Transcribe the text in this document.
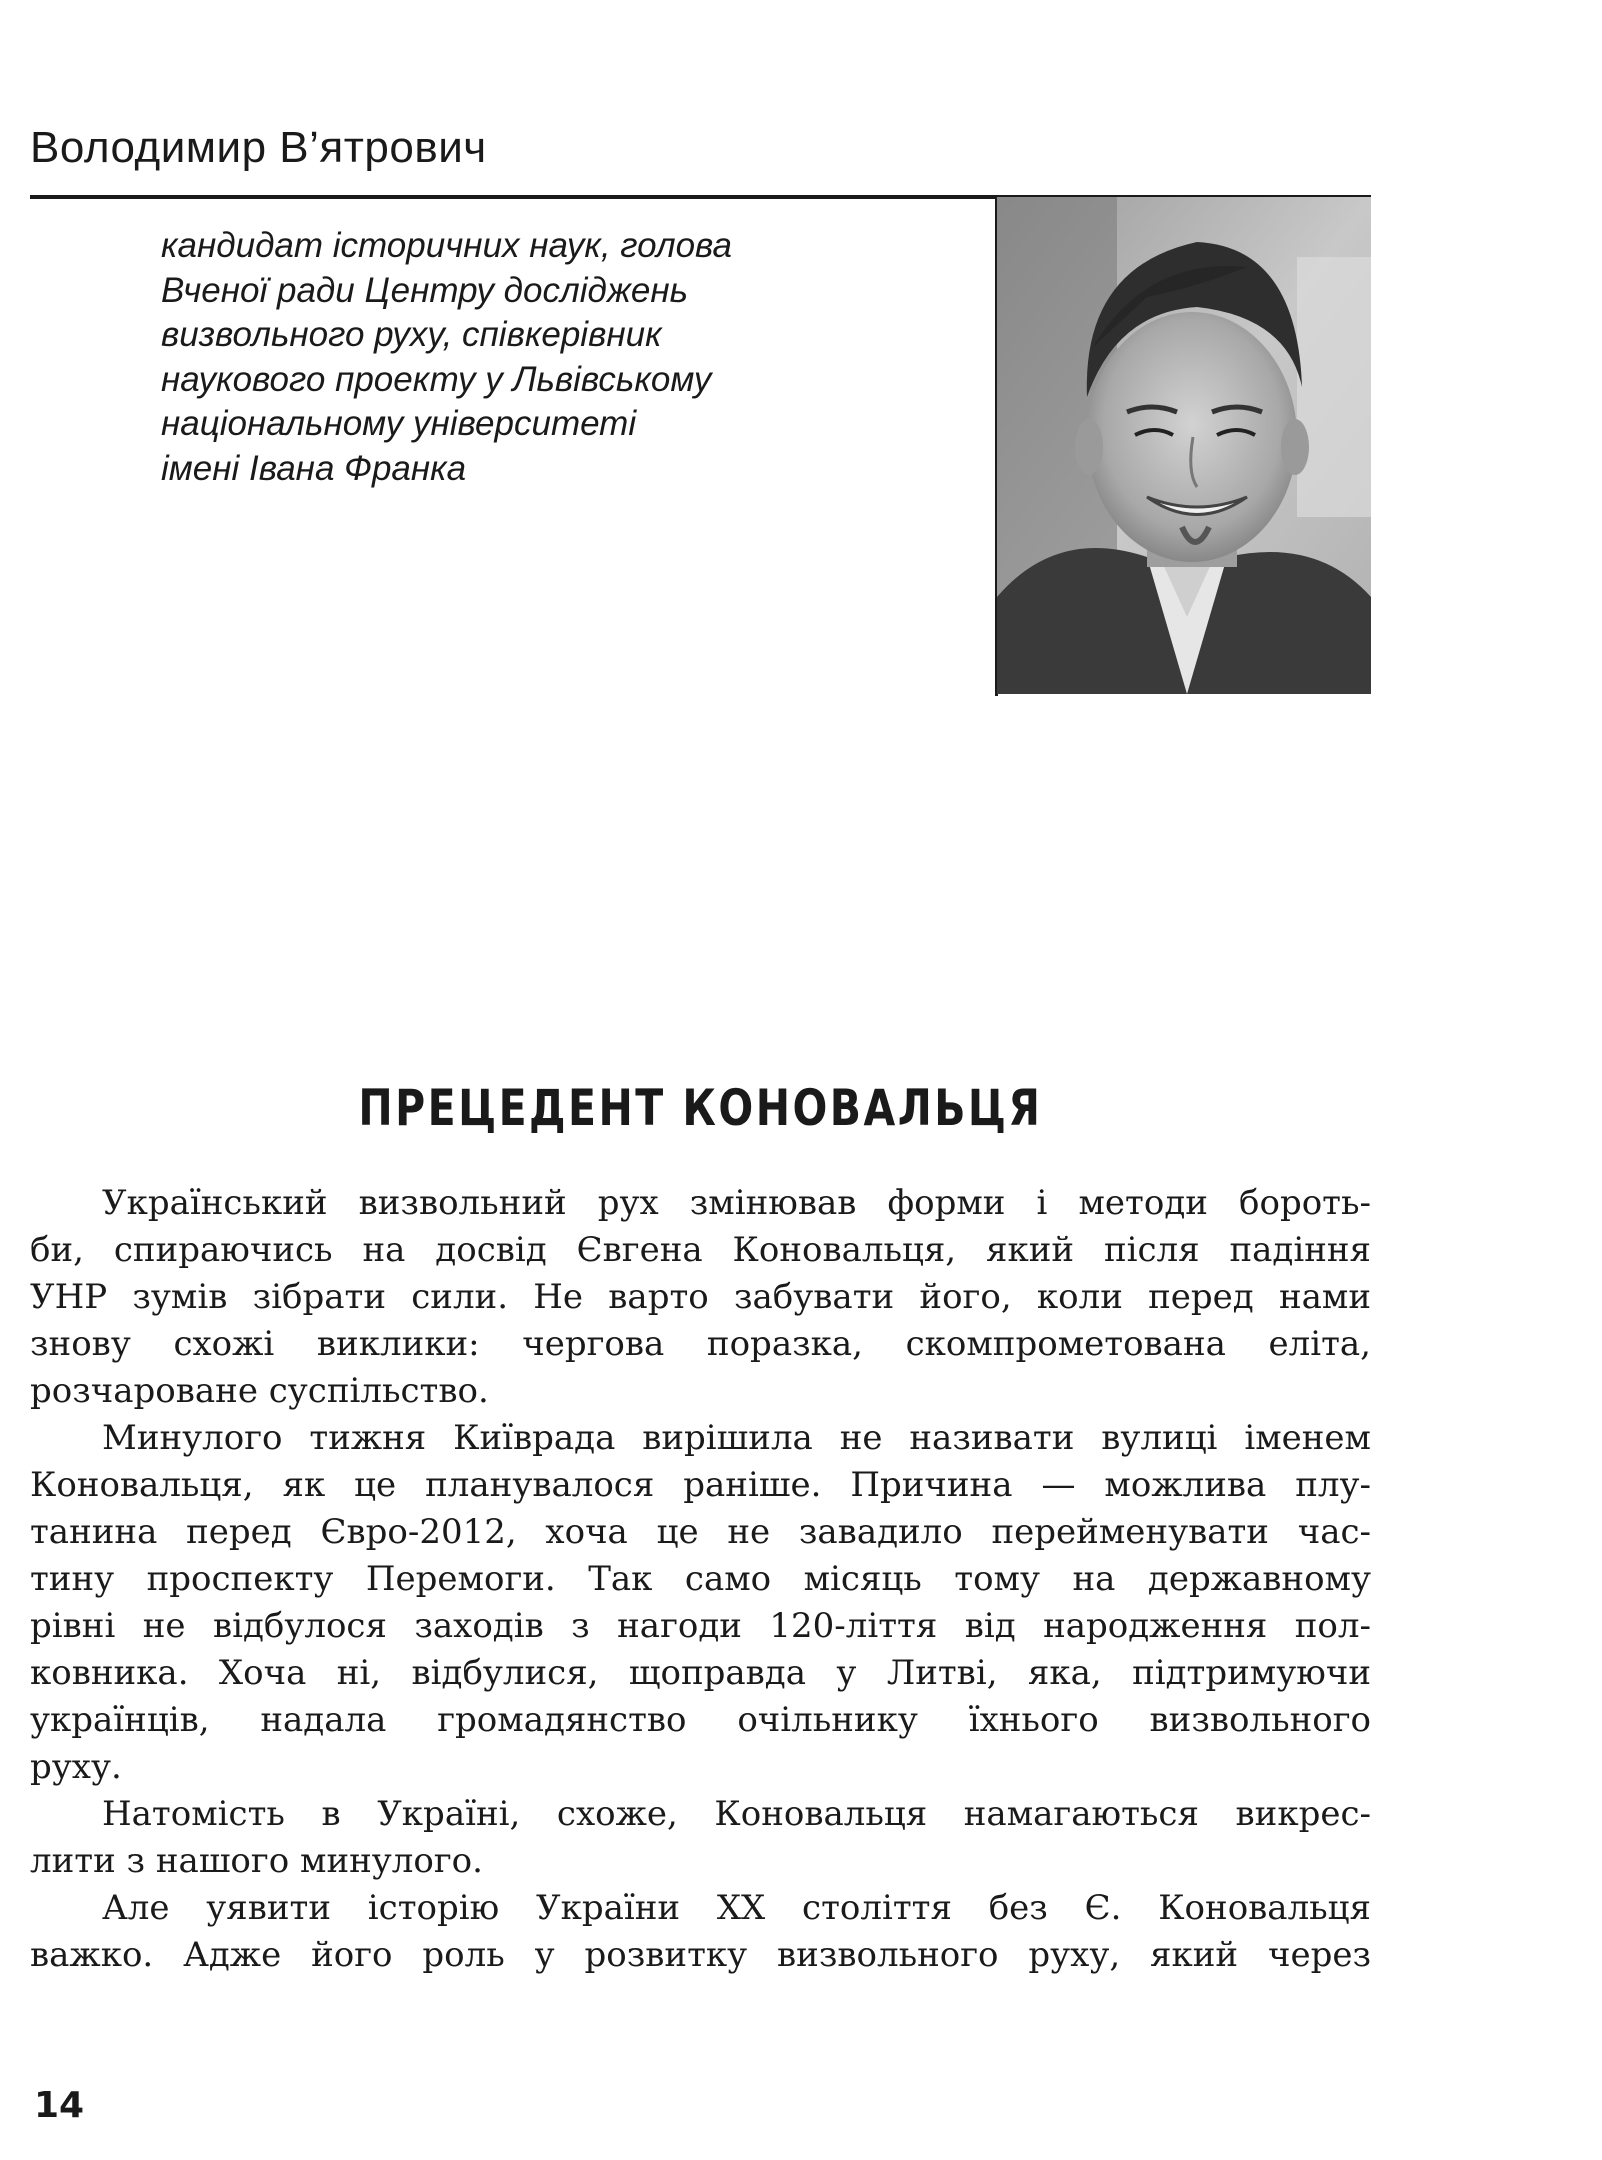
Володимир В’ятрович
кандидат історичних наук, голова
Вченої ради Центру досліджень
визвольного руху, співкерівник
наукового проекту у Львівському
національному університеті
імені Івана Франка
ПРЕЦЕДЕНТ КОНОВАЛЬЦЯ
Український визвольний рух змінював форми і методи бороть-
би, спираючись на досвід Євгена Коновальця, який після падіння
УНР зумів зібрати сили. Не варто забувати його, коли перед нами
знову схожі виклики: чергова поразка, скомпрометована еліта,
розчароване суспільство.
Минулого тижня Київрада вирішила не називати вулиці іменем
Коновальця, як це планувалося раніше. Причина — можлива плу-
танина перед Євро-2012, хоча це не завадило перейменувати час-
тину проспекту Перемоги. Так само місяць тому на державному
рівні не відбулося заходів з нагоди 120-ліття від народження пол-
ковника. Хоча ні, відбулися, щоправда у Литві, яка, підтримуючи
українців, надала громадянство очільнику їхнього визвольного
руху.
Натомість в Україні, схоже, Коновальця намагаються викрес-
лити з нашого минулого.
Але уявити історію України XX століття без Є. Коновальця
важко. Адже його роль у розвитку визвольного руху, який через
14
